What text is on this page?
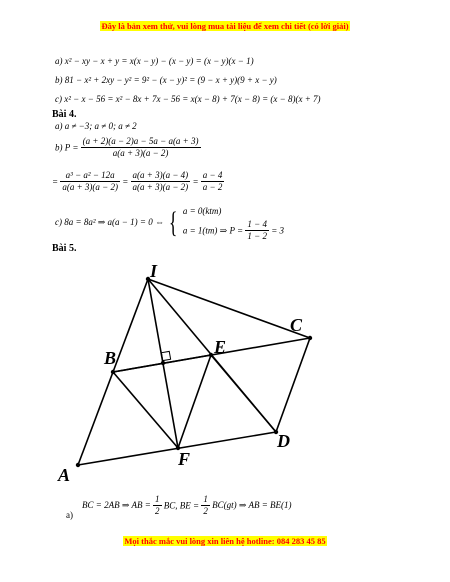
Đây là bản xem thử, vui lòng mua tài liệu để xem chi tiết (có lời giải)
a) x² − xy − x + y = x(x − y) − (x − y) = (x − y)(x − 1)
b) 81 − x² + 2xy − y² = 9² − (x − y)² = (9 − x + y)(9 + x − y)
c) x² − x − 56 = x² − 8x + 7x − 56 = x(x − 8) + 7(x − 8) = (x − 8)(x + 7)
Bài 4.
a) a ≠ −3; a ≠ 0; a ≠ 2
b) $P = \frac{(a + 2)(a - 2)a - 5a - a(a + 3)}{a(a + 3)(a - 2)}$
= $\frac{\text{a³ − a² − 12a}}{a(a + 3)(a - 2)} = \frac{a(a + 3)(a - 4)}{a(a + 3)(a - 2)} = \frac{a - 4}{a - 2}$
c) 8a = 8a² ⇒ a(a − 1) = 0 ⇔ { a = 0(ktm)
a = 1(tm) ⇒ $P = \frac{1 - 4}{1 - 2} = 3$
Bài 5.
I
B
E
C
A
F
D
a)
BC = 2AB ⇒ AB = $\frac{1}{2}$ BC, BE = $\frac{1}{2} BC(gt)$ ⇒ AB = BE(1)
Mọi thắc mắc vui lòng xin liên hệ hotline: 084 283 45 85
